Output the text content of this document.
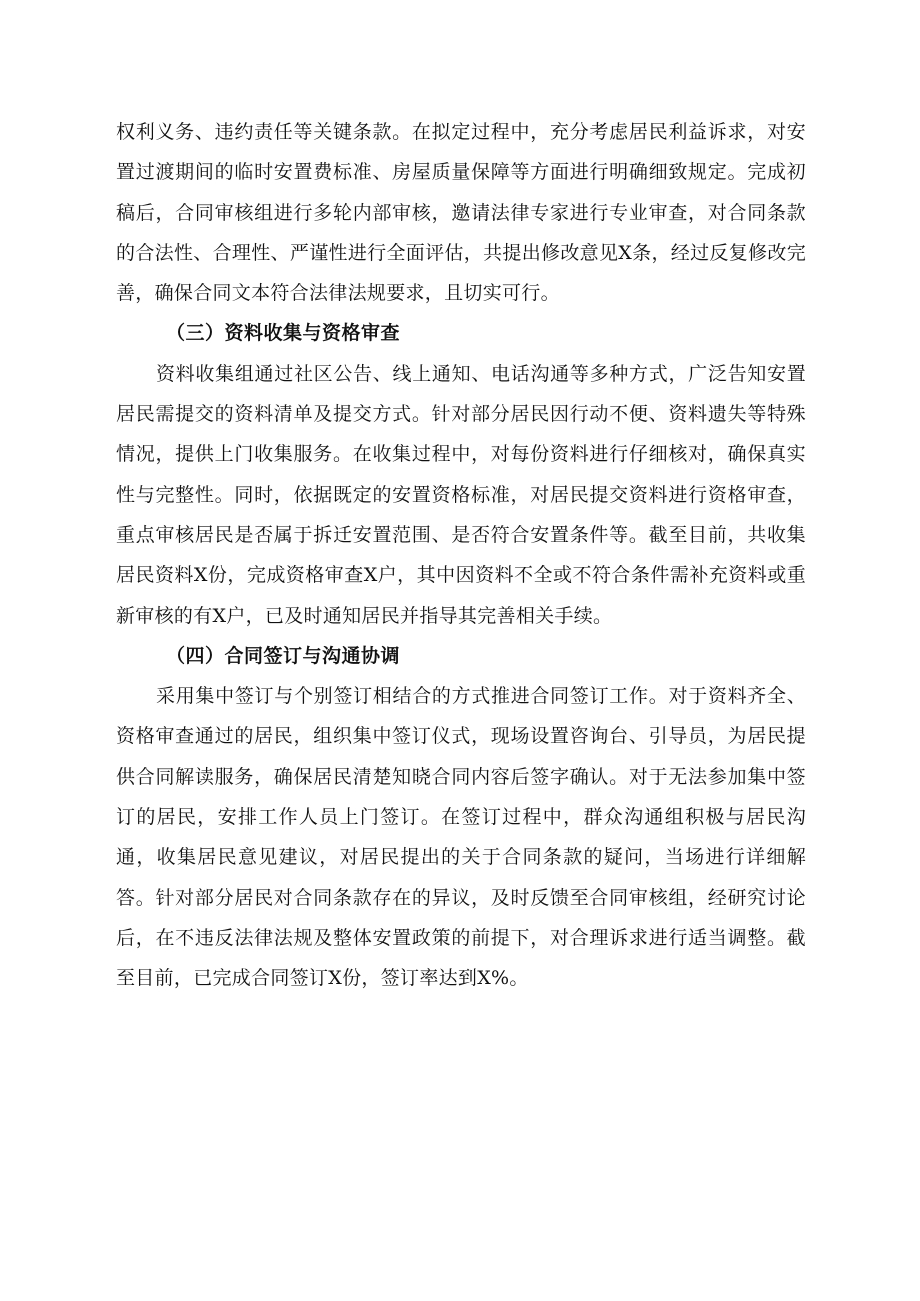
权利义务、违约责任等关键条款。在拟定过程中，充分考虑居民利益诉求，对安置过渡期间的临时安置费标准、房屋质量保障等方面进行明确细致规定。完成初稿后，合同审核组进行多轮内部审核，邀请法律专家进行专业审查，对合同条款的合法性、合理性、严谨性进行全面评估，共提出修改意见X条，经过反复修改完善，确保合同文本符合法律法规要求，且切实可行。

（三）资料收集与资格审查

资料收集组通过社区公告、线上通知、电话沟通等多种方式，广泛告知安置居民需提交的资料清单及提交方式。针对部分居民因行动不便、资料遗失等特殊情况，提供上门收集服务。在收集过程中，对每份资料进行仔细核对，确保真实性与完整性。同时，依据既定的安置资格标准，对居民提交资料进行资格审查，重点审核居民是否属于拆迁安置范围、是否符合安置条件等。截至目前，共收集居民资料X份，完成资格审查X户，其中因资料不全或不符合条件需补充资料或重新审核的有X户，已及时通知居民并指导其完善相关手续。

（四）合同签订与沟通协调

采用集中签订与个别签订相结合的方式推进合同签订工作。对于资料齐全、资格审查通过的居民，组织集中签订仪式，现场设置咨询台、引导员，为居民提供合同解读服务，确保居民清楚知晓合同内容后签字确认。对于无法参加集中签订的居民，安排工作人员上门签订。在签订过程中，群众沟通组积极与居民沟通，收集居民意见建议，对居民提出的关于合同条款的疑问，当场进行详细解答。针对部分居民对合同条款存在的异议，及时反馈至合同审核组，经研究讨论后，在不违反法律法规及整体安置政策的前提下，对合理诉求进行适当调整。截至目前，已完成合同签订X份，签订率达到X%。
